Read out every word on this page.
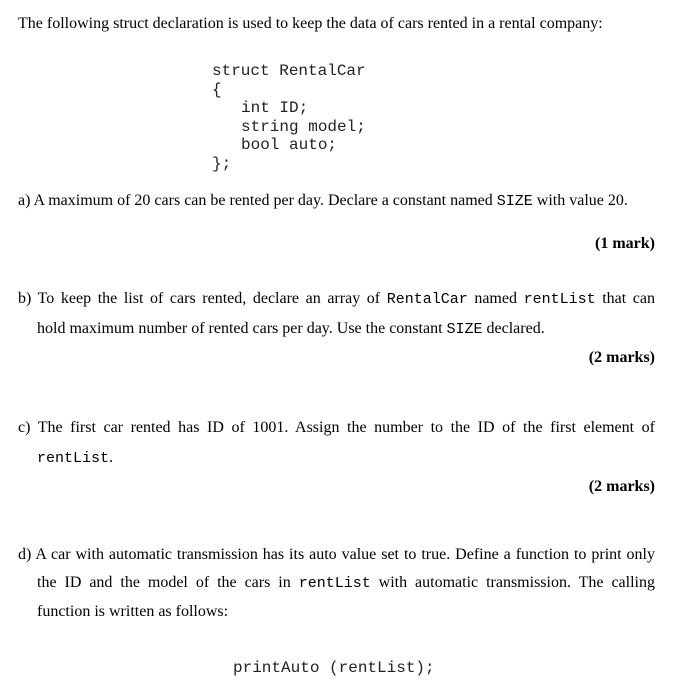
The following struct declaration is used to keep the data of cars rented in a rental company:
struct RentalCar
{
int ID;
string model;
bool auto;
};
a) A maximum of 20 cars can be rented per day. Declare a constant named SIZE with value 20.
(1 mark)
b) To keep the list of cars rented, declare an array of RentalCar named rentList that can
hold maximum number of rented cars per day. Use the constant SIZE declared.
(2 marks)
c) The first car rented has ID of 1001. Assign the number to the ID of the first element of
rentList.
(2 marks)
d) A car with automatic transmission has its auto value set to true. Define a function to print only
the ID and the model of the cars in rentList with automatic transmission. The calling
function is written as follows:
printAuto (rentList);
